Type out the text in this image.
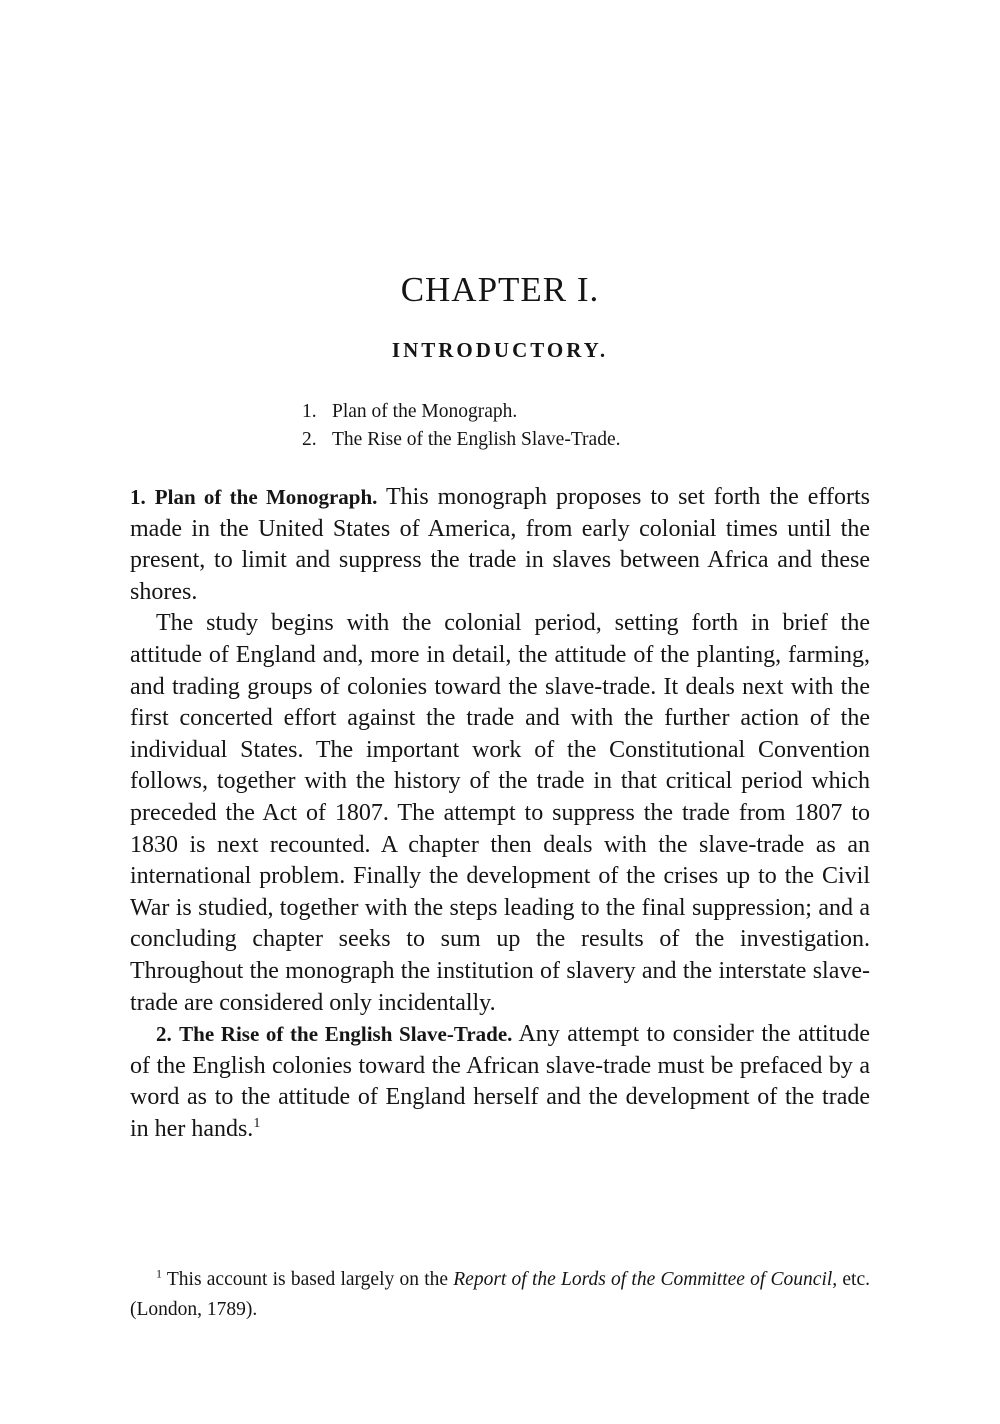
CHAPTER I.
INTRODUCTORY.
1. Plan of the Monograph.
2. The Rise of the English Slave-Trade.

1. Plan of the Monograph. This monograph proposes to set forth the efforts made in the United States of America, from early colonial times until the present, to limit and suppress the trade in slaves between Africa and these shores.

The study begins with the colonial period, setting forth in brief the attitude of England and, more in detail, the attitude of the planting, farming, and trading groups of colonies toward the slave-trade. It deals next with the first concerted effort against the trade and with the further action of the individual States. The important work of the Constitutional Convention follows, together with the history of the trade in that critical period which preceded the Act of 1807. The attempt to suppress the trade from 1807 to 1830 is next recounted. A chapter then deals with the slave-trade as an international problem. Finally the development of the crises up to the Civil War is studied, together with the steps leading to the final suppression; and a concluding chapter seeks to sum up the results of the investigation. Throughout the monograph the institution of slavery and the interstate slave-trade are considered only incidentally.

2. The Rise of the English Slave-Trade. Any attempt to consider the attitude of the English colonies toward the African slave-trade must be prefaced by a word as to the attitude of England herself and the development of the trade in her hands.$^1$

$^1$ This account is based largely on the Report of the Lords of the Committee of Council, etc. (London, 1789).
